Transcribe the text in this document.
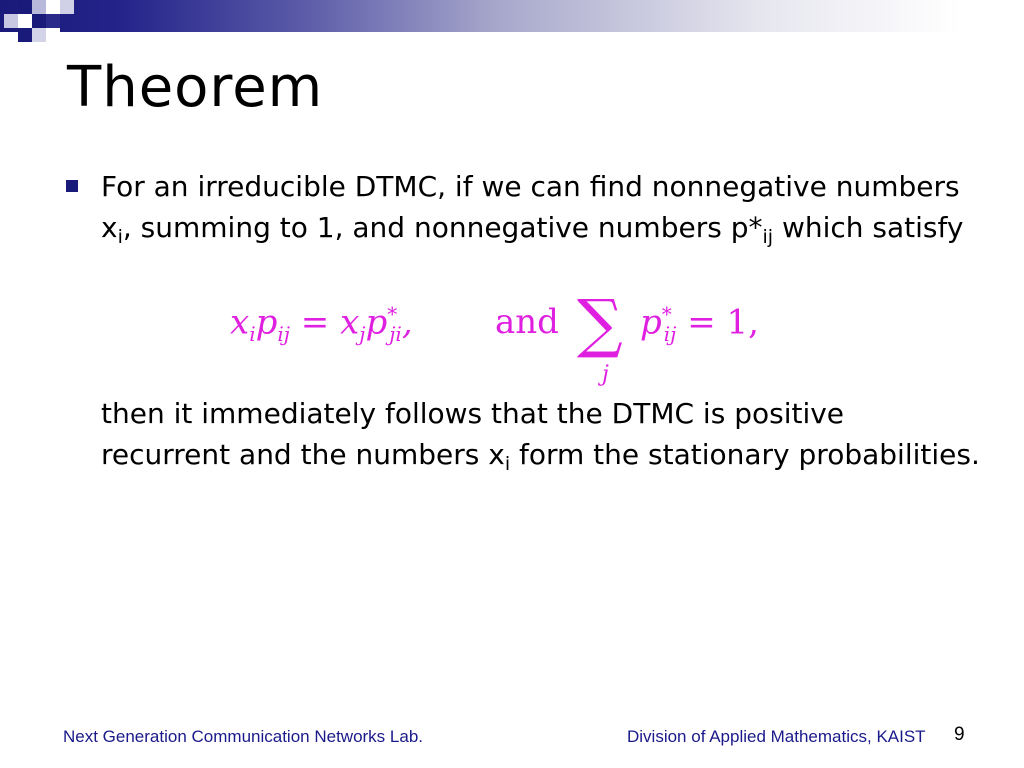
Theorem
For an irreducible DTMC, if we can find nonnegative numbers $x_i$, summing to 1, and nonnegative numbers $p*_{ij}$ which satisfy
$x_ip_{ij} = x_jp^*_{ji}$, and ∑ $p^*_{ij} = 1$,
j
then it immediately follows that the DTMC is positive recurrent and the numbers $x_i$ form the stationary probabilities.
Next Generation Communication Networks Lab.	Division of Applied Mathematics, KAIST 9
